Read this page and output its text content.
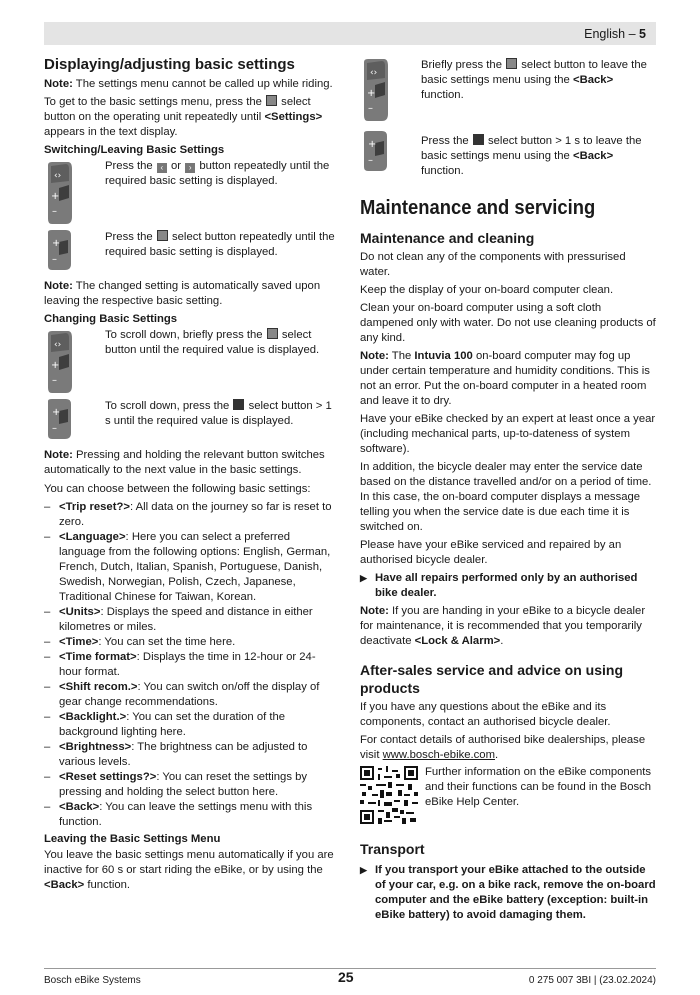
English – 5
Displaying/adjusting basic settings

Note: The settings menu cannot be called up while riding.

To get to the basic settings menu, press the  select button on the operating unit repeatedly until <Settings> appears in the text display.

Switching/Leaving Basic Settings
‹›
+
–
Press the ‹ or › button repeatedly until the required basic setting is displayed.
+
–
Press the  select button repeatedly until the required basic setting is displayed.

Note: The changed setting is automatically saved upon leaving the respective basic setting.

Changing Basic Settings
‹›
+
–
To scroll down, briefly press the  select button until the required value is displayed.
+
–
To scroll down, press the  select button > 1 s until the required value is displayed.

Note: Pressing and holding the relevant button switches automatically to the next value in the basic settings.

You can choose between the following basic settings:

– <Trip reset?>: All data on the journey so far is reset to zero.
– <Language>: Here you can select a preferred language from the following options: English, German, French, Dutch, Italian, Spanish, Portuguese, Danish, Swedish, Norwegian, Polish, Czech, Japanese, Traditional Chinese for Taiwan, Korean.
– <Units>: Displays the speed and distance in either kilometres or miles.
– <Time>: You can set the time here.
– <Time format>: Displays the time in 12-hour or 24-hour format.
– <Shift recom.>: You can switch on/off the display of gear change recommendations.
– <Backlight.>: You can set the duration of the background lighting here.
– <Brightness>: The brightness can be adjusted to various levels.
– <Reset settings?>: You can reset the settings by pressing and holding the select button here.
– <Back>: You can leave the settings menu with this function.
Leaving the Basic Settings Menu

You leave the basic settings menu automatically if you are inactive for 60 s or start riding the eBike, or by using the <Back> function.

‹›
+
–
Briefly press the  select button to leave the basic settings menu using the <Back> function.
+
–
Press the  select button > 1 s to leave the basic settings menu using the <Back> function.
Maintenance and servicing
Maintenance and cleaning

Do not clean any of the components with pressurised water.

Keep the display of your on-board computer clean.

Clean your on-board computer using a soft cloth dampened only with water. Do not use cleaning products of any kind.

Note: The Intuvia 100 on-board computer may fog up under certain temperature and humidity conditions. This is not an error. Put the on-board computer in a heated room and leave it to dry.

Have your eBike checked by an expert at least once a year (including mechanical parts, up-to-dateness of system software).

In addition, the bicycle dealer may enter the service date based on the distance travelled and/or on a period of time. In this case, the on-board computer displays a message telling you when the service date is due each time it is switched on.

Please have your eBike serviced and repaired by an authorised bicycle dealer.

▶ Have all repairs performed only by an authorised bike dealer.

Note: If you are handing in your eBike to a bicycle dealer for maintenance, it is recommended that you temporarily deactivate <Lock & Alarm>.

After-sales service and advice on using products

If you have any questions about the eBike and its components, contact an authorised bicycle dealer.

For contact details of authorised bike dealerships, please visit www.bosch-ebike.com.

Further information on the eBike components and their functions can be found in the Bosch eBike Help Center.
Transport
▶ If you transport your eBike attached to the outside of your car, e.g. on a bike rack, remove the on-board computer and the eBike battery (exception: built-in eBike battery) to avoid damaging them.
Bosch eBike Systems	25	0 275 007 3BI | (23.02.2024)
